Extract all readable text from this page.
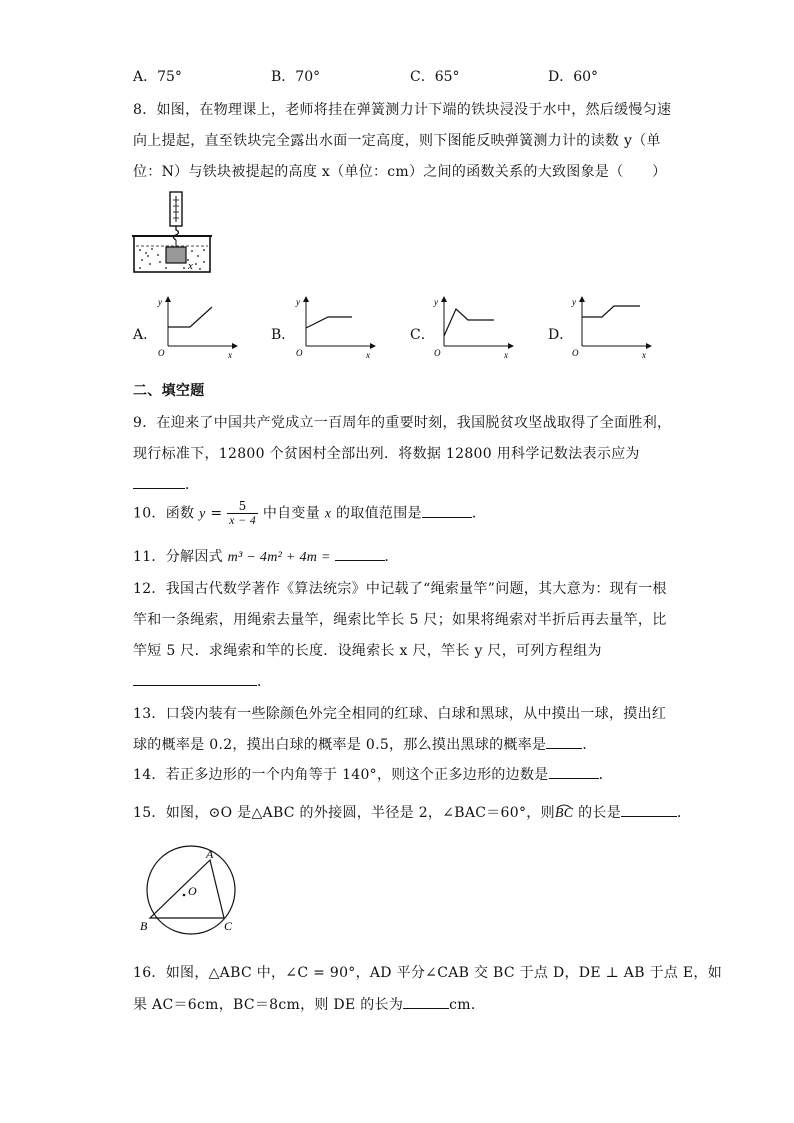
A．75°	B．70°	C．65°	D．60°
8．如图，在物理课上，老师将挂在弹簧测力计下端的铁块浸没于水中，然后缓慢匀速
向上提起，直至铁块完全露出水面一定高度，则下图能反映弹簧测力计的读数 y（单
位：N）与铁块被提起的高度 x（单位：cm）之间的函数关系的大致图象是（　　）
x
A．
y
x
O
B．
y
x
O
C．
y
x
O
D．
y
x
O
二、填空题
9．在迎来了中国共产党成立一百周年的重要时刻，我国脱贫攻坚战取得了全面胜利，
现行标准下，12800 个贫困村全部出列．将数据 12800 用科学记数法表示应为
．
10．函数 $y = \frac{5}{x - 4}$ 中自变量 x 的取值范围是	．
11．分解因式 m³ − 4m² + 4m =	．
12．我国古代数学著作《算法统宗》中记载了“绳索量竿”问题，其大意为：现有一根
竿和一条绳索，用绳索去量竿，绳索比竿长 5 尺；如果将绳索对半折后再去量竿，比
竿短 5 尺．求绳索和竿的长度．设绳索长 x 尺，竿长 y 尺，可列方程组为
．
13．口袋内装有一些除颜色外完全相同的红球、白球和黑球，从中摸出一球，摸出红
球的概率是 0.2，摸出白球的概率是 0.5，那么摸出黑球的概率是	．
14．若正多边形的一个内角等于 140°，则这个正多边形的边数是	．
15．如图，⊙O 是△ABC 的外接圆，半径是 2，∠BAC＝60°，则BC
的长是	．
A
B	C
O
16．如图，△ABC 中，∠C = 90°，AD 平分∠CAB 交 BC 于点 D，DE ⊥ AB 于点 E，如
果 AC＝6cm，BC＝8cm，则 DE 的长为	cm．
